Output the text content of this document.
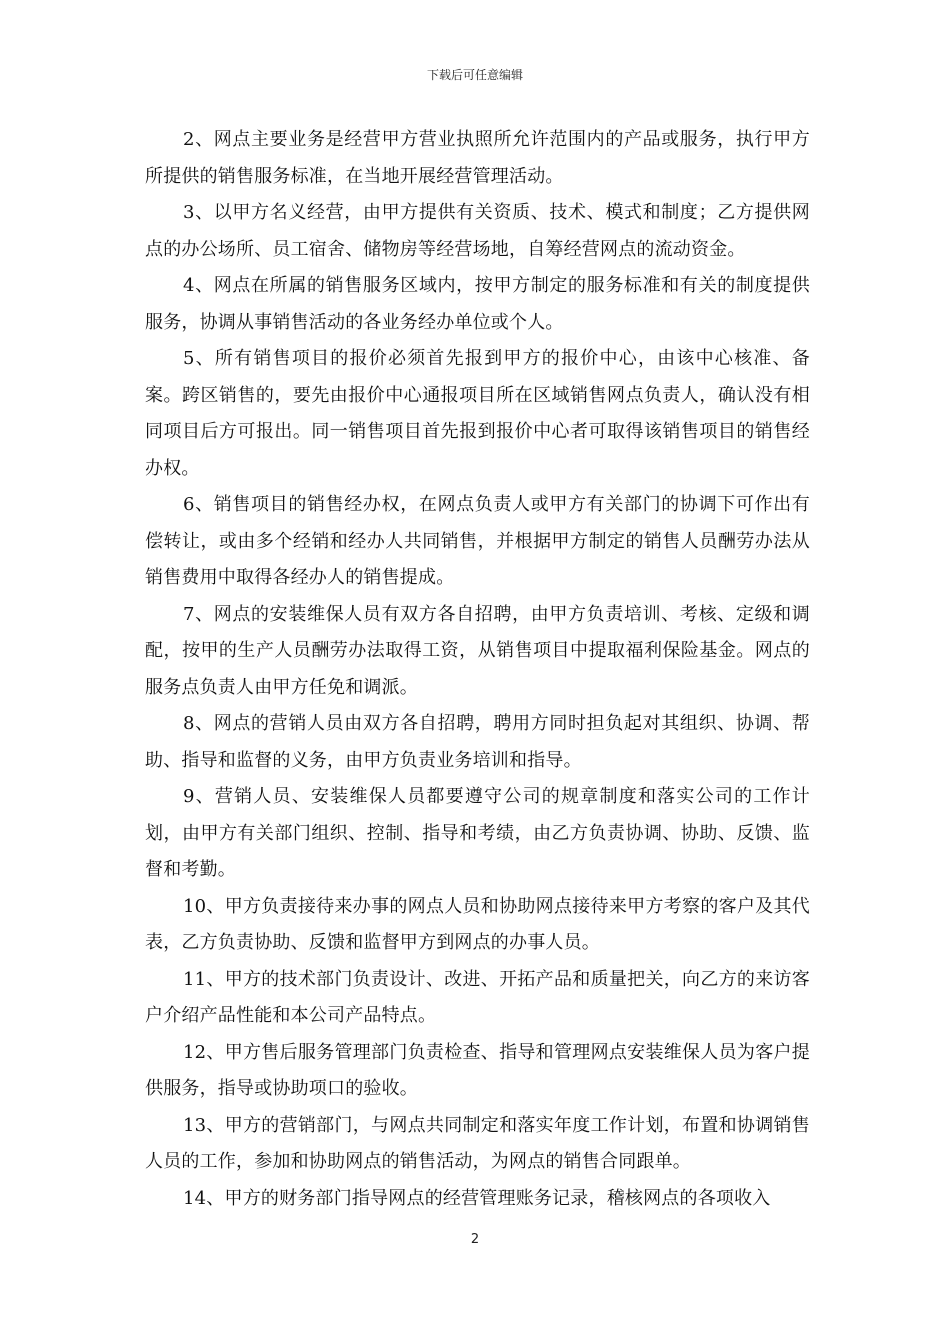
下载后可任意编辑

2、网点主要业务是经营甲方营业执照所允许范围内的产品或服务，执行甲方所提供的销售服务标准，在当地开展经营管理活动。

3、以甲方名义经营，由甲方提供有关资质、技术、模式和制度；乙方提供网点的办公场所、员工宿舍、储物房等经营场地，自筹经营网点的流动资金。

4、网点在所属的销售服务区域内，按甲方制定的服务标准和有关的制度提供服务，协调从事销售活动的各业务经办单位或个人。

5、所有销售项目的报价必须首先报到甲方的报价中心，由该中心核准、备案。跨区销售的，要先由报价中心通报项目所在区域销售网点负责人，确认没有相同项目后方可报出。同一销售项目首先报到报价中心者可取得该销售项目的销售经办权。

6、销售项目的销售经办权，在网点负责人或甲方有关部门的协调下可作出有偿转让，或由多个经销和经办人共同销售，并根据甲方制定的销售人员酬劳办法从销售费用中取得各经办人的销售提成。

7、网点的安装维保人员有双方各自招聘，由甲方负责培训、考核、定级和调配，按甲的生产人员酬劳办法取得工资，从销售项目中提取福利保险基金。网点的服务点负责人由甲方任免和调派。

8、网点的营销人员由双方各自招聘，聘用方同时担负起对其组织、协调、帮助、指导和监督的义务，由甲方负责业务培训和指导。

9、营销人员、安装维保人员都要遵守公司的规章制度和落实公司的工作计划，由甲方有关部门组织、控制、指导和考绩，由乙方负责协调、协助、反馈、监督和考勤。

10、甲方负责接待来办事的网点人员和协助网点接待来甲方考察的客户及其代表，乙方负责协助、反馈和监督甲方到网点的办事人员。

11、甲方的技术部门负责设计、改进、开拓产品和质量把关，向乙方的来访客户介绍产品性能和本公司产品特点。

12、甲方售后服务管理部门负责检查、指导和管理网点安装维保人员为客户提供服务，指导或协助项口的验收。

13、甲方的营销部门，与网点共同制定和落实年度工作计划，布置和协调销售人员的工作，参加和协助网点的销售活动，为网点的销售合同跟单。

14、甲方的财务部门指导网点的经营管理账务记录，稽核网点的各项收入

2
